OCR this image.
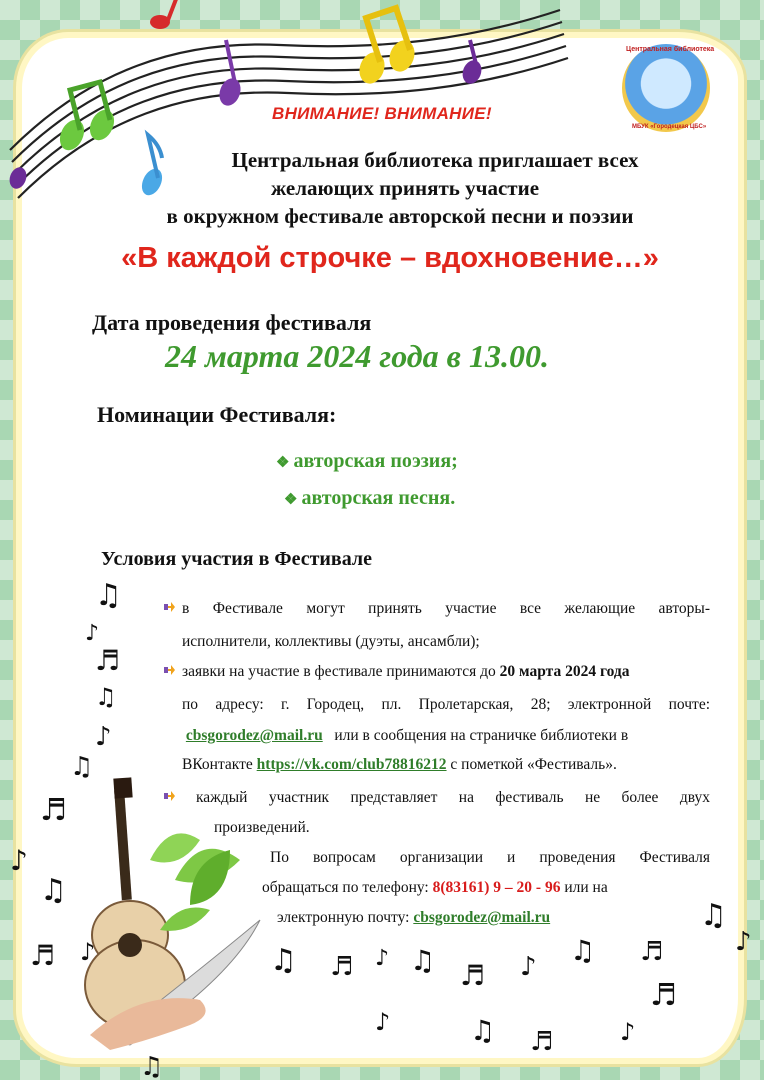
♫
♪
♬
♫
♪
♫
♬
♪
♫
♬ ♪	♫ ♬ ♪ ♫ ♬ ♪ ♫ ♬
♫
♪
♬
♪
♫ ♬
♪
♫
Центральная библиотека
МБУК «Городецкая ЦБС»
ВНИМАНИЕ! ВНИМАНИЕ!
Центральная библиотека приглашает всех
желающих принять участие
в окружном фестивале авторской песни и поэзии
«В каждой строчке – вдохновение…»
Дата проведения фестиваля
24 марта 2024 года в 13.00.
Номинации Фестиваля:
❖ авторская поэзия;
❖ авторская песня.
Условия участия в Фестивале
в Фестивале могут принять участие все желающие авторы-
исполнители, коллективы (дуэты, ансамбли);
заявки на участие в фестивале принимаются до 20 марта 2024 года
по адресу: г. Городец, пл. Пролетарская, 28; электронной почте:
cbsgorodez@mail.ru или в сообщения на страничке библиотеки в
ВКонтакте https://vk.com/club78816212 с пометкой «Фестиваль».
каждый участник представляет на фестиваль не более двух
произведений.
По вопросам организации и проведения Фестиваля
обращаться по телефону: 8(83161) 9 – 20 - 96 или на
электронную почту: cbsgorodez@mail.ru
